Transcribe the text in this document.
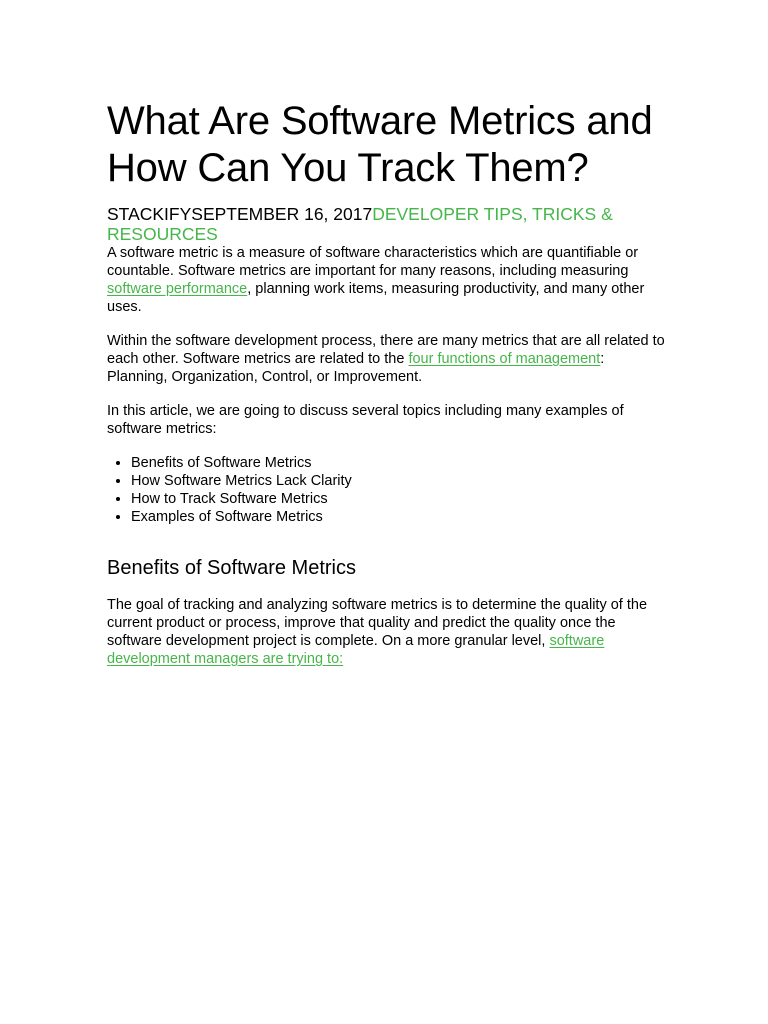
What Are Software Metrics and How Can You Track Them?
STACKIFYSEPTEMBER 16, 2017DEVELOPER TIPS, TRICKS & RESOURCES

A software metric is a measure of software characteristics which are quantifiable or countable. Software metrics are important for many reasons, including measuring software performance, planning work items, measuring productivity, and many other uses.

Within the software development process, there are many metrics that are all related to each other. Software metrics are related to the four functions of management: Planning, Organization, Control, or Improvement.

In this article, we are going to discuss several topics including many examples of software metrics:

• Benefits of Software Metrics
• How Software Metrics Lack Clarity
• How to Track Software Metrics
• Examples of Software Metrics
Benefits of Software Metrics

The goal of tracking and analyzing software metrics is to determine the quality of the current product or process, improve that quality and predict the quality once the software development project is complete. On a more granular level, software development managers are trying to:
